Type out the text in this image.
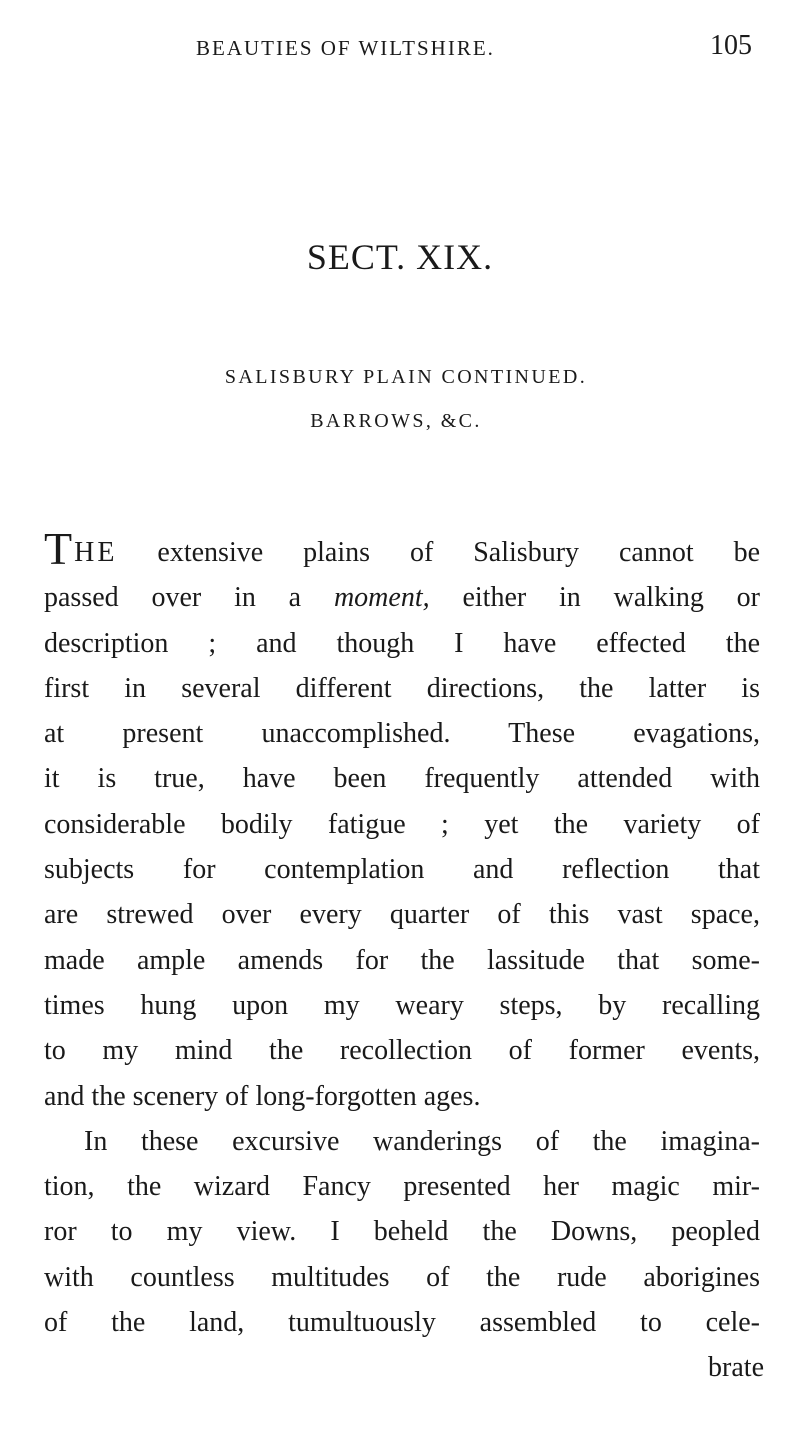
BEAUTIES OF WILTSHIRE.	105
SECT. XIX.
SALISBURY PLAIN CONTINUED.
BARROWS, &C.
THE extensive plains of Salisbury cannot be
passed over in a moment, either in walking or
description ; and though I have effected the
first in several different directions, the latter is
at present unaccomplished. These evagations,
it is true, have been frequently attended with
considerable bodily fatigue ; yet the variety of
subjects for contemplation and reflection that
are strewed over every quarter of this vast space,
made ample amends for the lassitude that some-
times hung upon my weary steps, by recalling
to my mind the recollection of former events,
and the scenery of long-forgotten ages.
In these excursive wanderings of the imagina-
tion, the wizard Fancy presented her magic mir-
ror to my view. I beheld the Downs, peopled
with countless multitudes of the rude aborigines
of the land, tumultuously assembled to cele-
brate
